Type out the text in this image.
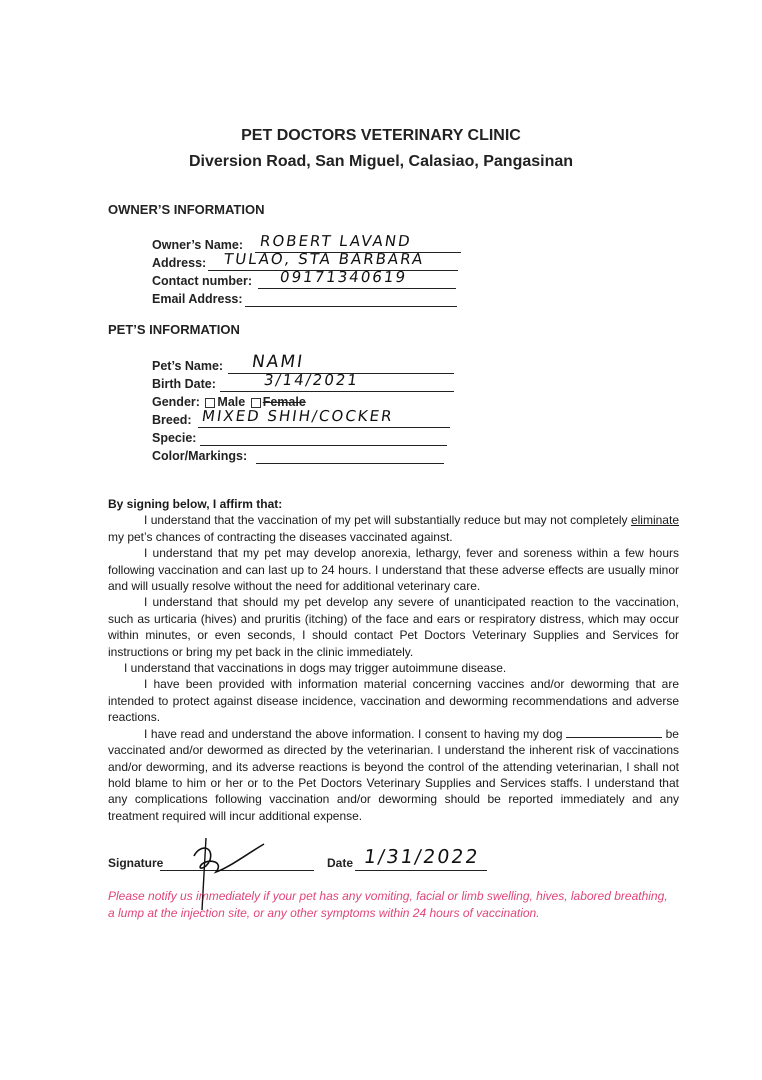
PET DOCTORS VETERINARY CLINIC
Diversion Road, San Miguel, Calasiao, Pangasinan
OWNER’S INFORMATION
Owner’s Name: ROBERT LAVAND
Address: TULAO, STA BARBARA
Contact number: 09171340619
Email Address:
PET’S INFORMATION
Pet’s Name: NAMI
Birth Date:	3/14/2021
Gender: Male Female
Breed: MIXED SHIH/COCKER
Specie:
Color/Markings:

By signing below, I affirm that:

I understand that the vaccination of my pet will substantially reduce but may not completely eliminate my pet’s chances of contracting the diseases vaccinated against.

I understand that my pet may develop anorexia, lethargy, fever and soreness within a few hours following vaccination and can last up to 24 hours. I understand that these adverse effects are usually minor and will usually resolve without the need for additional veterinary care.

I understand that should my pet develop any severe of unanticipated reaction to the vaccination, such as urticaria (hives) and pruritis (itching) of the face and ears or respiratory distress, which may occur within minutes, or even seconds, I should contact Pet Doctors Veterinary Supplies and Services for instructions or bring my pet back in the clinic immediately.

I understand that vaccinations in dogs may trigger autoimmune disease.

I have been provided with information material concerning vaccines and/or deworming that are intended to protect against disease incidence, vaccination and deworming recommendations and adverse reactions.

I have read and understand the above information. I consent to having my dog	be vaccinated and/or dewormed as directed by the veterinarian. I understand the inherent risk of vaccinations and/or deworming, and its adverse reactions is beyond the control of the attending veterinarian, I shall not hold blame to him or her or to the Pet Doctors Veterinary Supplies and Services staffs. I understand that any complications following vaccination and/or deworming should be reported immediately and any treatment required will incur additional expense.

Signature	Date 1/31/2022
Please notify us immediately if your pet has any vomiting, facial or limb swelling, hives, labored breathing, a lump at the injection site, or any other symptoms within 24 hours of vaccination.
